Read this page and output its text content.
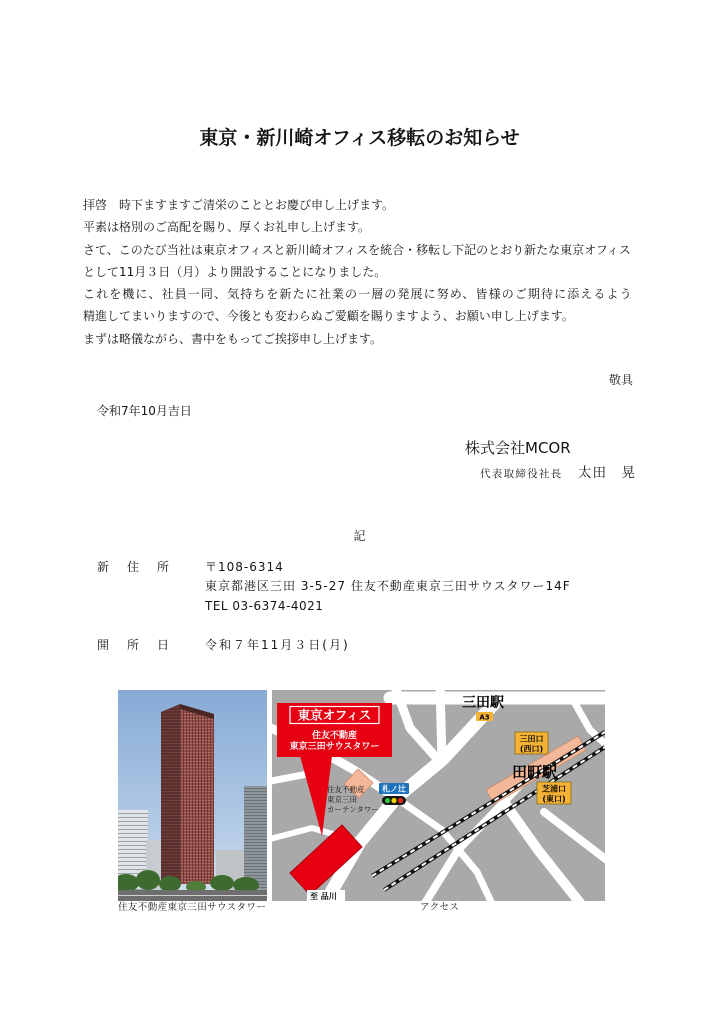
東京・新川崎オフィス移転のお知らせ
拝啓　時下ますますご清栄のこととお慶び申し上げます。
平素は格別のご高配を賜り、厚くお礼申し上げます。
さて、このたび当社は東京オフィスと新川崎オフィスを統合・移転し下記のとおり新たな東京オフィス
として11月３日（月）より開設することになりました。
これを機に、社員一同、気持ちを新たに社業の一層の発展に努め、皆様のご期待に添えるよう
精進してまいりますので、今後とも変わらぬご愛顧を賜りますよう、お願い申し上げます。
まずは略儀ながら、書中をもってご挨拶申し上げます。
敬具
令和7年10月吉日
株式会社MCOR
代表取締役社長 太田　晃
記
新　住　所	〒108-6314
東京都港区三田 3-5-27 住友不動産東京三田サウスタワー14F
TEL 03-6374-4021
開　所　日	令和７年11月３日(月)
住友不動産
東京三田
カーテンタワー
札ノ辻
東京オフィス
住友不動産
東京三田サウスタワー
三田駅
A3
三田口
(西口)
田町駅
芝浦口
(東口)
至 品川
住友不動産東京三田サウスタワー	アクセス
